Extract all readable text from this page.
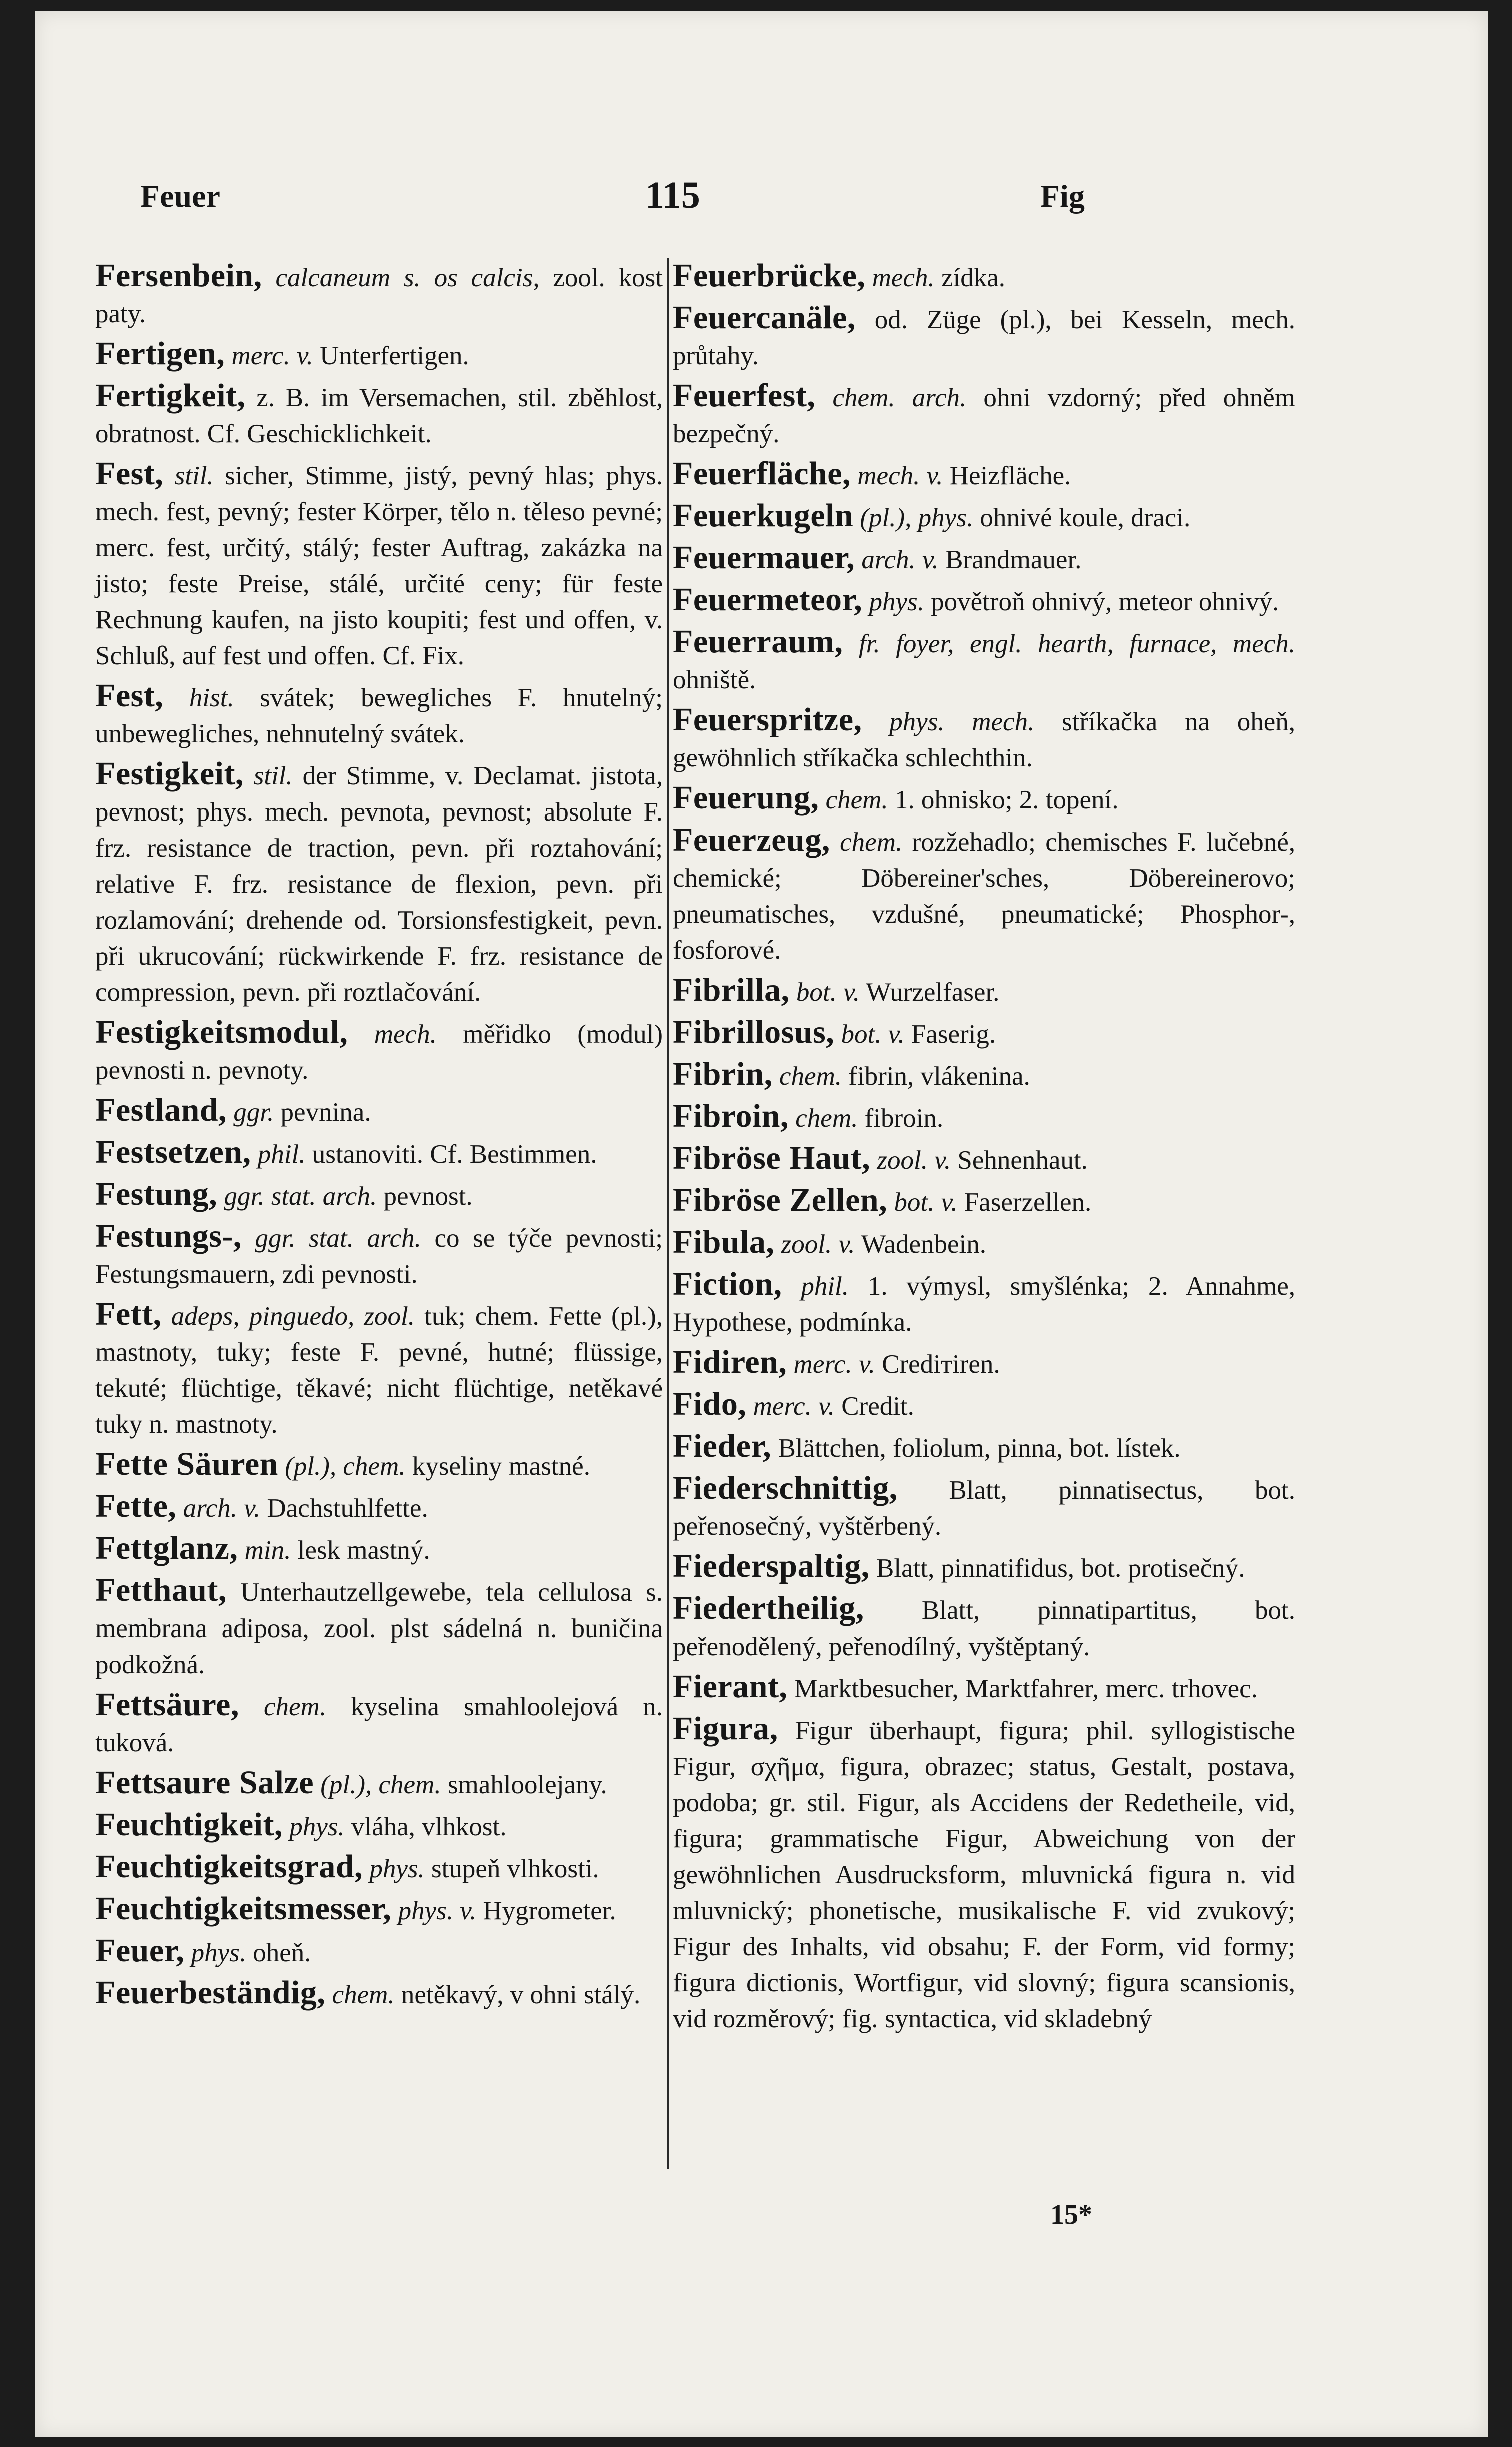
Feuer	115	Fig
Fersenbein, calcaneum s. os calcis, zool. kost paty.
Fertigen, merc. v. Unterfertigen.
Fertigkeit, z. B. im Versemachen, stil. zběhlost, obratnost. Cf. Geschicklichkeit.
Fest, stil. sicher, Stimme, jistý, pevný hlas; phys. mech. fest, pevný; fester Körper, tělo n. těleso pevné; merc. fest, určitý, stálý; fester Auftrag, zakázka na jisto; feste Preise, stálé, určité ceny; für feste Rechnung kaufen, na jisto koupiti; fest und offen, v. Schluß, auf fest und offen. Cf. Fix.
Fest, hist. svátek; bewegliches F. hnutelný; unbewegliches, nehnutelný svátek.
Festigkeit, stil. der Stimme, v. Declamat. jistota, pevnost; phys. mech. pevnota, pevnost; absolute F. frz. resistance de traction, pevn. při roztahování; relative F. frz. resistance de flexion, pevn. při rozlamování; drehende od. Torsionsfestigkeit, pevn. při ukrucování; rückwirkende F. frz. resistance de compression, pevn. při roztlačování.
Festigkeitsmodul, mech. měřidko (modul) pevnosti n. pevnoty.
Festland, ggr. pevnina.
Festsetzen, phil. ustanoviti. Cf. Bestimmen.
Festung, ggr. stat. arch. pevnost.
Festungs-, ggr. stat. arch. co se týče pevnosti; Festungsmauern, zdi pevnosti.
Fett, adeps, pinguedo, zool. tuk; chem. Fette (pl.), mastnoty, tuky; feste F. pevné, hutné; flüssige, tekuté; flüchtige, těkavé; nicht flüchtige, netěkavé tuky n. mastnoty.
Fette Säuren (pl.), chem. kyseliny mastné.
Fette, arch. v. Dachstuhlfette.
Fettglanz, min. lesk mastný.
Fetthaut, Unterhautzellgewebe, tela cellulosa s. membrana adiposa, zool. plst sádelná n. buničina podkožná.
Fettsäure, chem. kyselina smahloolejová n. tuková.
Fettsaure Salze (pl.), chem. smahloolejany.
Feuchtigkeit, phys. vláha, vlhkost.
Feuchtigkeitsgrad, phys. stupeň vlhkosti.
Feuchtigkeitsmesser, phys. v. Hygrometer.
Feuer, phys. oheň.
Feuerbeständig, chem. netěkavý, v ohni stálý.
Feuerbrücke, mech. zídka.
Feuercanäle, od. Züge (pl.), bei Kesseln, mech. průtahy.
Feuerfest, chem. arch. ohni vzdorný; před ohněm bezpečný.
Feuerfläche, mech. v. Heizfläche.
Feuerkugeln (pl.), phys. ohnivé koule, draci.
Feuermauer, arch. v. Brandmauer.
Feuermeteor, phys. povětroň ohnivý, meteor ohnivý.
Feuerraum, fr. foyer, engl. hearth, furnace, mech. ohniště.
Feuerspritze, phys. mech. stříkačka na oheň, gewöhnlich stříkačka schlechthin.
Feuerung, chem. 1. ohnisko; 2. topení.
Feuerzeug, chem. rozžehadlo; chemisches F. lučebné, chemické; Döbereiner'sches, Döbereinerovo; pneumatisches, vzdušné, pneumatické; Phosphor-, fosforové.
Fibrilla, bot. v. Wurzelfaser.
Fibrillosus, bot. v. Faserig.
Fibrin, chem. fibrin, vlákenina.
Fibroin, chem. fibroin.
Fibröse Haut, zool. v. Sehnenhaut.
Fibröse Zellen, bot. v. Faserzellen.
Fibula, zool. v. Wadenbein.
Fiction, phil. 1. výmysl, smyšlénka; 2. Annahme, Hypothese, podmínka.
Fidiren, merc. v. Crediтiren.
Fido, merc. v. Credit.
Fieder, Blättchen, foliolum, pinna, bot. lístek.
Fiederschnittig, Blatt, pinnatisectus, bot. peřenosečný, vyštěrbený.
Fiederspaltig, Blatt, pinnatifidus, bot. protisečný.
Fiedertheilig, Blatt, pinnatipartitus, bot. peřenodělený, peřenodílný, vyštěptaný.
Fierant, Marktbesucher, Marktfahrer, merc. trhovec.
Figura, Figur überhaupt, figura; phil. syllogistische Figur, σχῆμα, figura, obrazec; status, Gestalt, postava, podoba; gr. stil. Figur, als Accidens der Redetheile, vid, figura; grammatische Figur, Abweichung von der gewöhnlichen Ausdrucksform, mluvnická figura n. vid mluvnický; phonetische, musikalische F. vid zvukový; Figur des Inhalts, vid obsahu; F. der Form, vid formy; figura dictionis, Wortfigur, vid slovný; figura scansionis, vid rozměrový; fig. syntactica, vid skladebný
15*
